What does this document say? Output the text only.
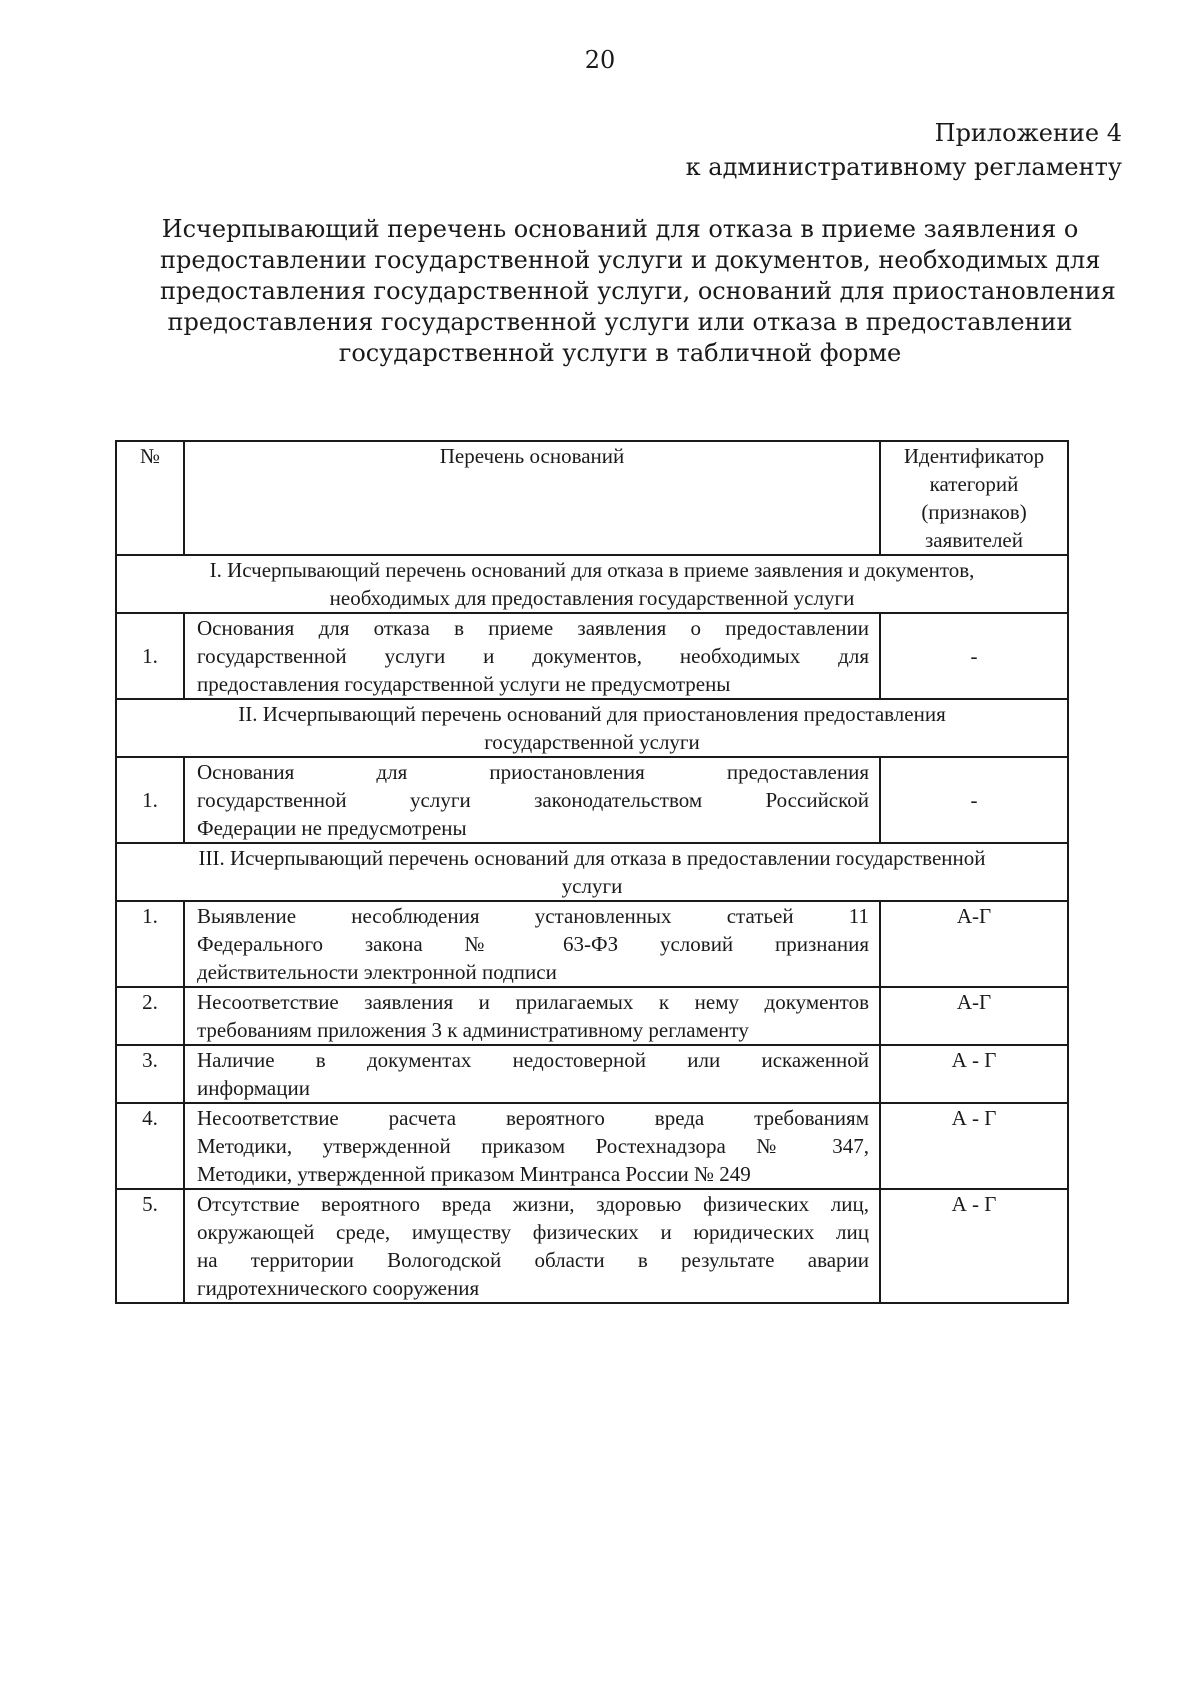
20
Приложение 4
к административному регламенту
Исчерпывающий перечень оснований для отказа в приеме заявления о
предоставлении государственной услуги и документов, необходимых для
предоставления государственной услуги, оснований для приостановления
предоставления государственной услуги или отказа в предоставлении
государственной услуги в табличной форме
№	Перечень оснований	Идентификатор
категорий
(признаков)
заявителей

I. Исчерпывающий перечень оснований для отказа в приеме заявления и документов,
необходимых для предоставления государственной услуги		

1.	Основания для отказа в приеме заявления о предоставлении
государственной услуги и документов, необходимых для
предоставления государственной услуги не предусмотрены	-

II. Исчерпывающий перечень оснований для приостановления предоставления
государственной услуги		

1.	Основания для приостановления предоставления
государственной услуги законодательством Российской
Федерации не предусмотрены	-

III. Исчерпывающий перечень оснований для отказа в предоставлении государственной
услуги		

1.	Выявление несоблюдения установленных статьей 11
Федерального закона № 63-ФЗ условий признания
действительности электронной подписи	А-Г
2.	Несоответствие заявления и прилагаемых к нему документов
требованиям приложения 3 к административному регламенту	А-Г
3.	Наличие в документах недостоверной или искаженной
информации	А - Г
4.	Несоответствие расчета вероятного вреда требованиям
Методики, утвержденной приказом Ростехнадзора № 347,
Методики, утвержденной приказом Минтранса России № 249	А - Г
5.	Отсутствие вероятного вреда жизни, здоровью физических лиц,
окружающей среде, имуществу физических и юридических лиц
на территории Вологодской области в результате аварии
гидротехнического сооружения	А - Г
